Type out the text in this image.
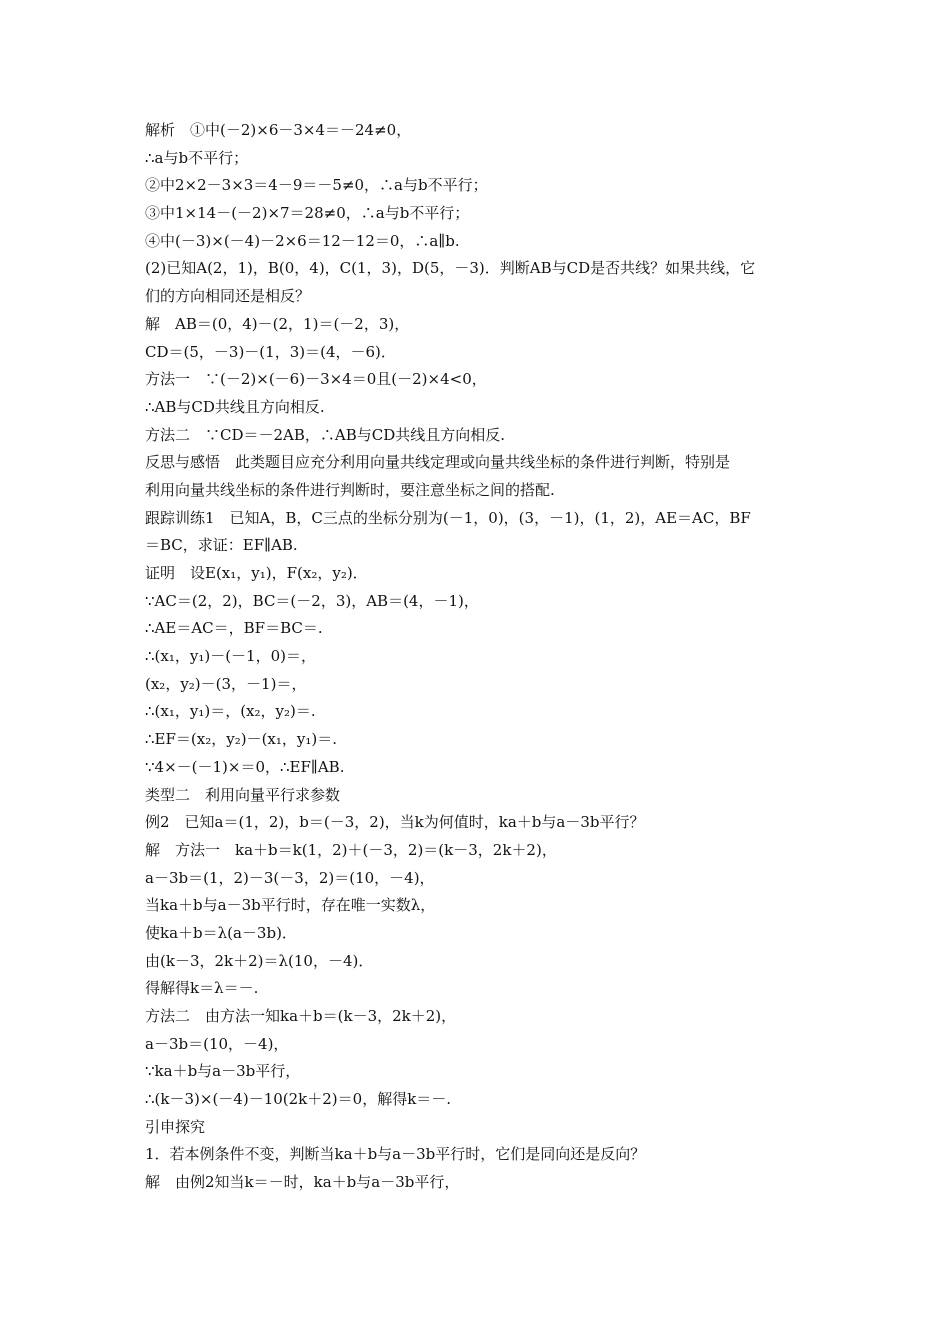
解析　①中(－2)×6－3×4＝－24≠0，
∴a与b不平行；
②中2×2－3×3＝4－9＝－5≠0，∴a与b不平行；
③中1×14－(－2)×7＝28≠0，∴a与b不平行；
④中(－3)×(－4)－2×6＝12－12＝0，∴a∥b.
(2)已知A(2，1)，B(0，4)，C(1，3)，D(5，－3)．判断AB与CD是否共线？如果共线，它
们的方向相同还是相反？
解　AB＝(0，4)－(2，1)＝(－2，3)，
CD＝(5，－3)－(1，3)＝(4，－6)．
方法一　∵(－2)×(－6)－3×4＝0且(－2)×4<0，
∴AB与CD共线且方向相反.
方法二　∵CD＝－2AB，∴AB与CD共线且方向相反.
反思与感悟　此类题目应充分利用向量共线定理或向量共线坐标的条件进行判断，特别是
利用向量共线坐标的条件进行判断时，要注意坐标之间的搭配.
跟踪训练1　已知A，B，C三点的坐标分别为(－1，0)，(3，－1)，(1，2)，AE＝AC，BF
＝BC，求证：EF∥AB.
证明　设E(x₁，y₁)，F(x₂，y₂)．
∵AC＝(2，2)，BC＝(－2，3)，AB＝(4，－1)，
∴AE＝AC＝，BF＝BC＝.
∴(x₁，y₁)－(－1，0)＝，
(x₂，y₂)－(3，－1)＝，
∴(x₁，y₁)＝，(x₂，y₂)＝.
∴EF＝(x₂，y₂)－(x₁，y₁)＝.
∵4×－(－1)×＝0，∴EF∥AB.
类型二　利用向量平行求参数
例2　已知a＝(1，2)，b＝(－3，2)，当k为何值时，ka＋b与a－3b平行？
解　方法一　ka＋b＝k(1，2)＋(－3，2)＝(k－3，2k＋2)，
a－3b＝(1，2)－3(－3，2)＝(10，－4)，
当ka＋b与a－3b平行时，存在唯一实数λ，
使ka＋b＝λ(a－3b)．
由(k－3，2k＋2)＝λ(10，－4)．
得解得k＝λ＝－.
方法二　由方法一知ka＋b＝(k－3，2k＋2)，
a－3b＝(10，－4)，
∵ka＋b与a－3b平行，
∴(k－3)×(－4)－10(2k＋2)＝0，解得k＝－.
引申探究
1．若本例条件不变，判断当ka＋b与a－3b平行时，它们是同向还是反向？
解　由例2知当k＝－时，ka＋b与a－3b平行，
